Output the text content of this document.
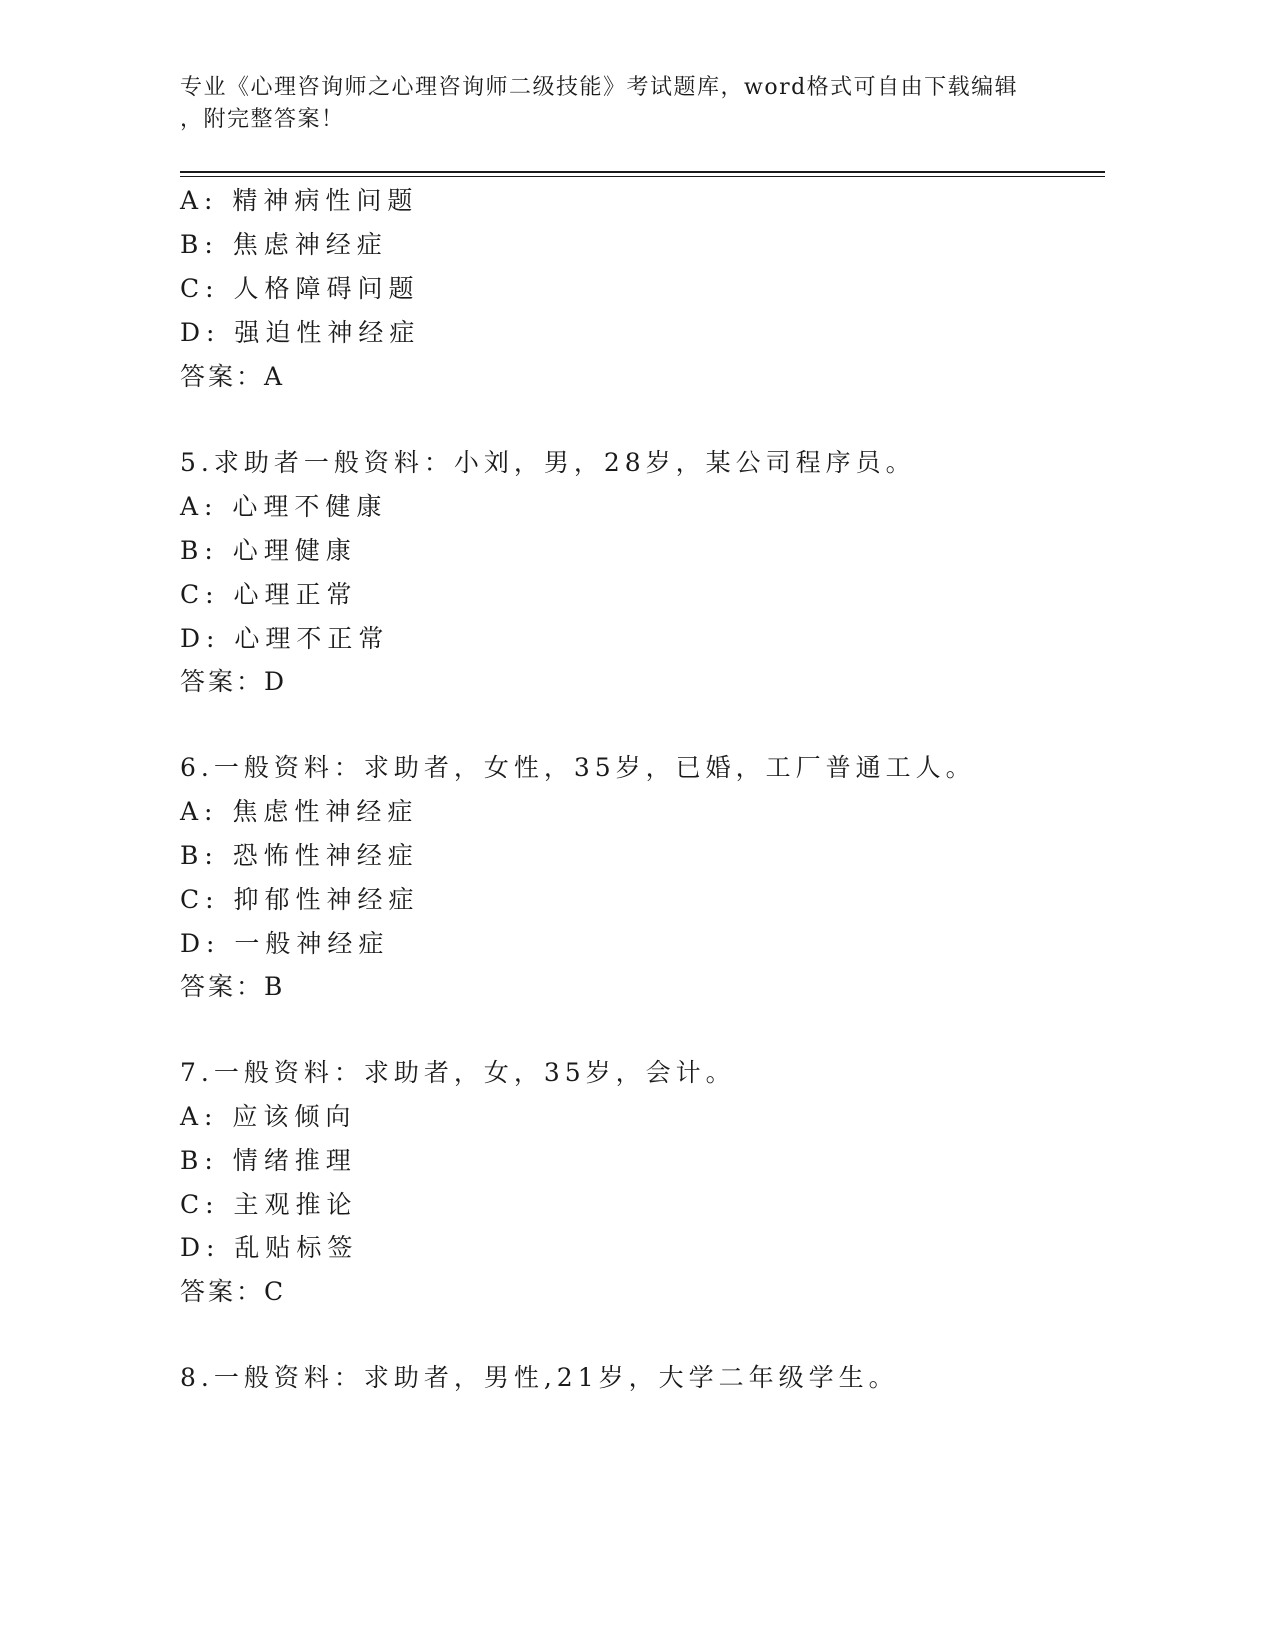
专业《心理咨询师之心理咨询师二级技能》考试题库，word格式可自由下载编辑
，附完整答案！
A: 精神病性问题
B: 焦虑神经症
C: 人格障碍问题
D: 强迫性神经症
答案：A
5.求助者一般资料：小刘，男，28岁，某公司程序员。
A: 心理不健康
B: 心理健康
C: 心理正常
D: 心理不正常
答案：D
6.一般资料：求助者，女性，35岁，已婚，工厂普通工人。
A: 焦虑性神经症
B: 恐怖性神经症
C: 抑郁性神经症
D: 一般神经症
答案：B
7.一般资料：求助者，女，35岁，会计。
A: 应该倾向
B: 情绪推理
C: 主观推论
D: 乱贴标签
答案：C
8.一般资料：求助者，男性,21岁，大学二年级学生。
